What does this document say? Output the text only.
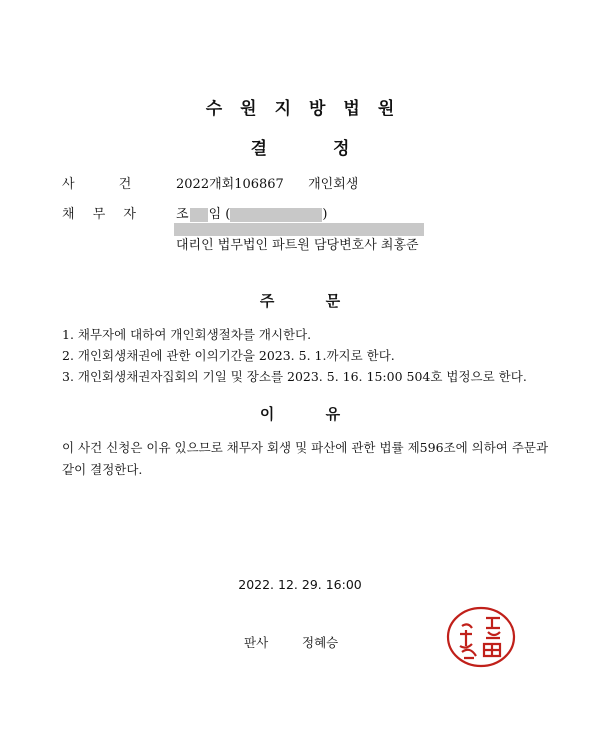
수원지방법원
결 정
사 건	2022개회106867 개인회생
채 무 자	조 임 (	)
대리인 법무법인 파트원 담당변호사 최홍준
주 문
1. 채무자에 대하여 개인회생절차를 개시한다.
2. 개인회생채권에 관한 이의기간을 2023. 5. 1.까지로 한다.
3. 개인회생채권자집회의 기일 및 장소를 2023. 5. 16. 15:00 504호 법정으로 한다.
이 유
이 사건 신청은 이유 있으므로 채무자 회생 및 파산에 관한 법률 제596조에 의하여 주문과 같이 결정한다.
2022. 12. 29. 16:00
판사	정혜승
